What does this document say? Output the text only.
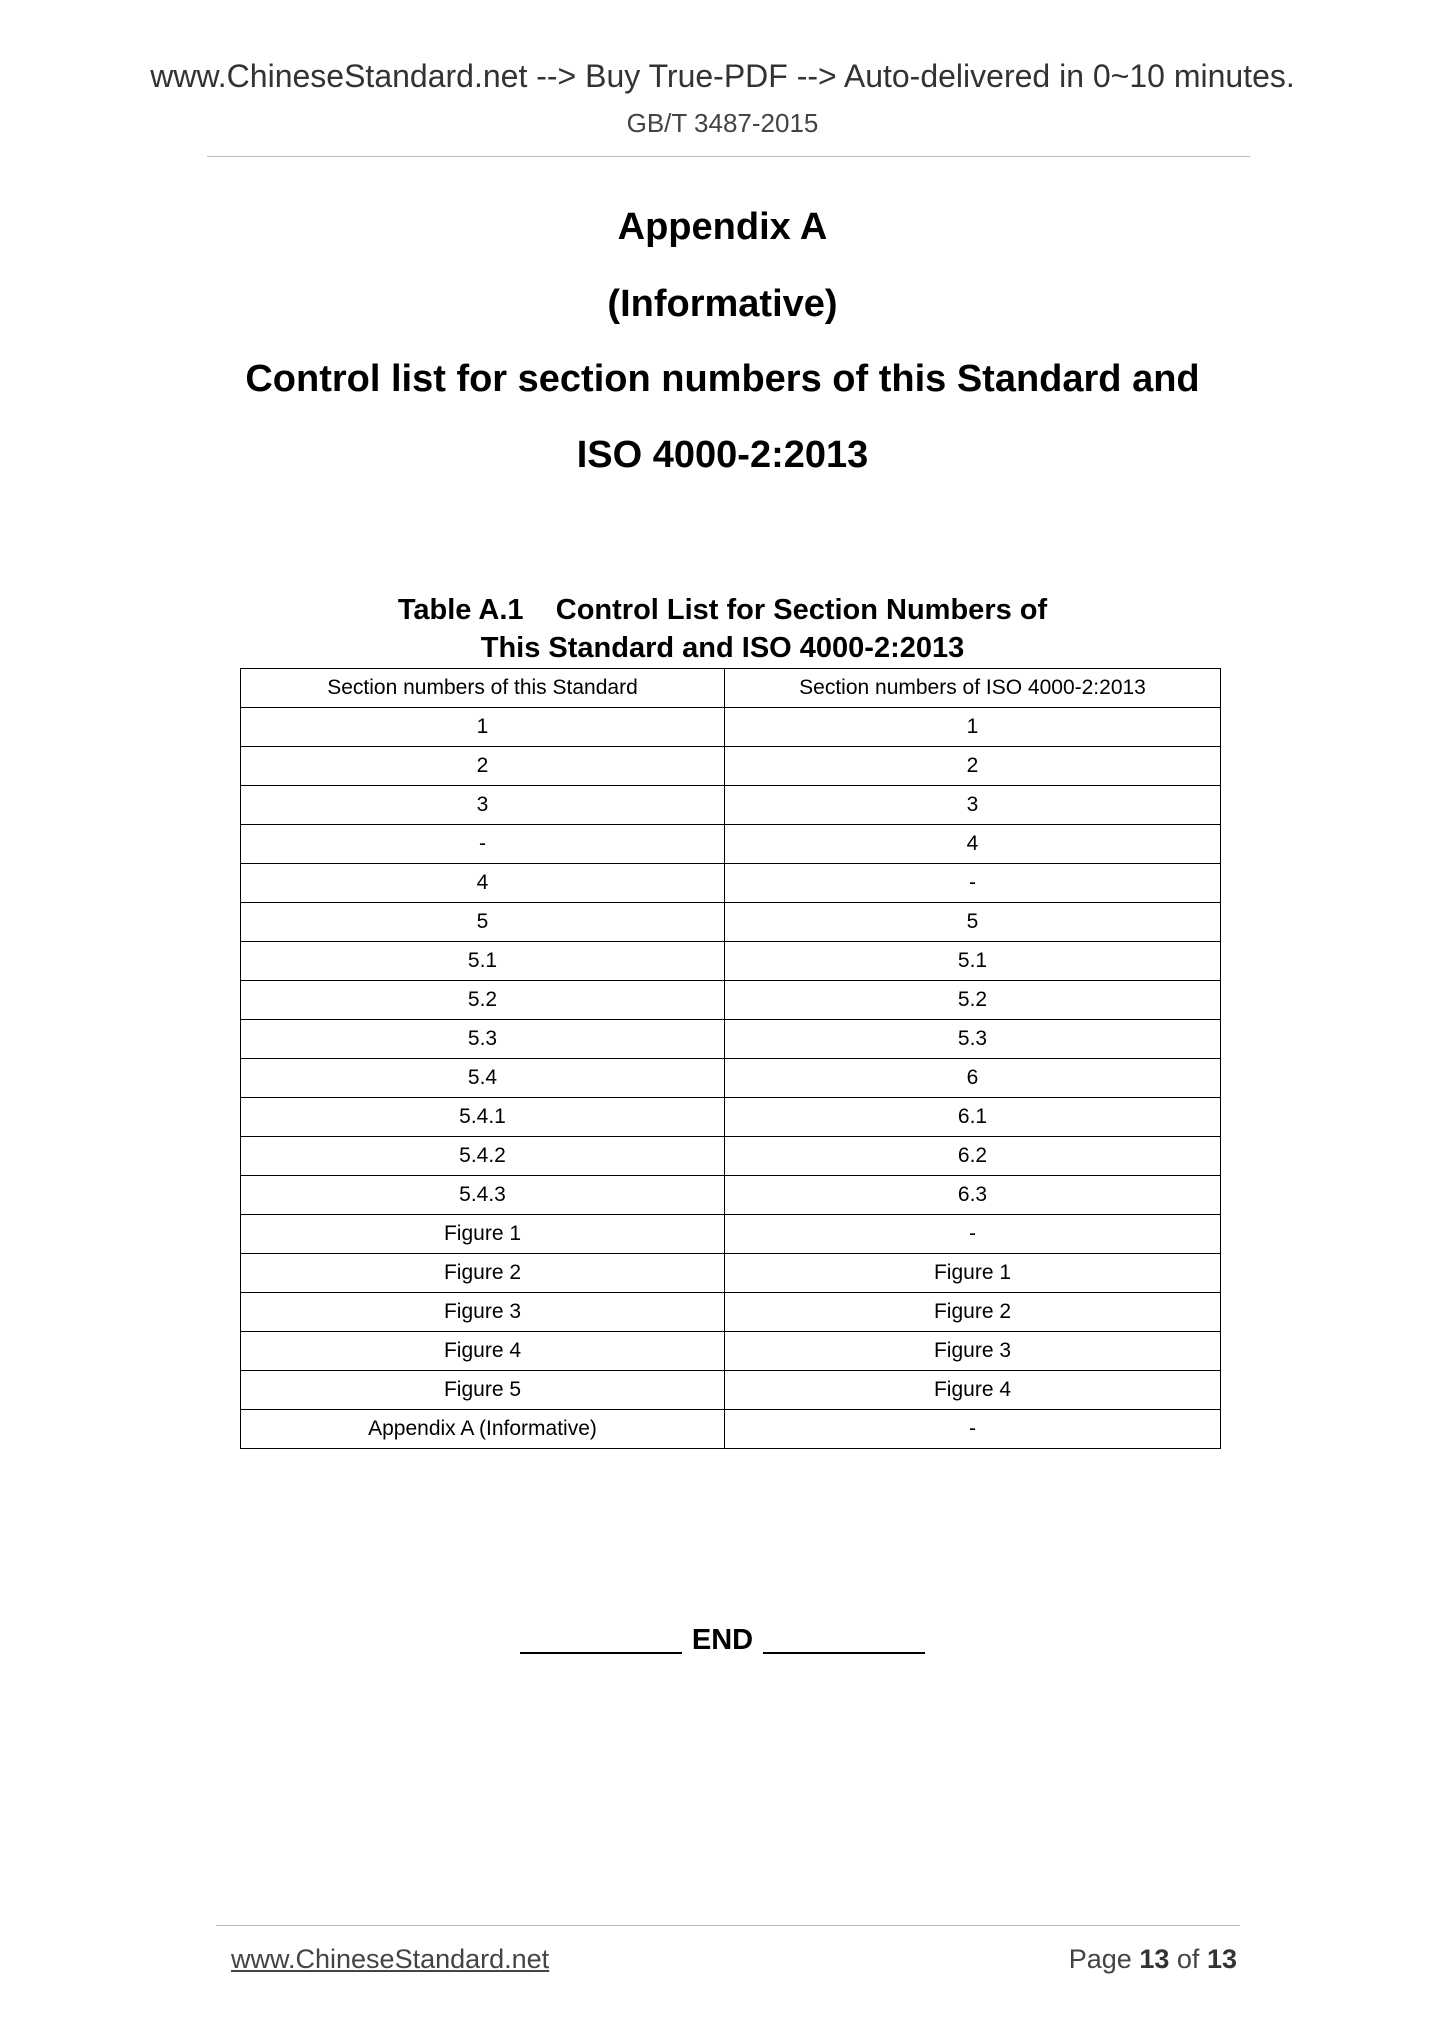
www.ChineseStandard.net --> Buy True-PDF --> Auto-delivered in 0~10 minutes.
GB/T 3487-2015
Appendix A
(Informative)
Control list for section numbers of this Standard and
ISO 4000-2:2013
Table A.1    Control List for Section Numbers of
This Standard and ISO 4000-2:2013
Section numbers of this Standard	Section numbers of ISO 4000-2:2013
1	1
2	2
3	3
-	4
4	-
5	5
5.1	5.1
5.2	5.2
5.3	5.3
5.4	6
5.4.1	6.1
5.4.2	6.2
5.4.3	6.3
Figure 1	-
Figure 2	Figure 1
Figure 3	Figure 2
Figure 4	Figure 3
Figure 5	Figure 4
Appendix A (Informative)	-
END
www.ChineseStandard.net	Page 13 of 13
